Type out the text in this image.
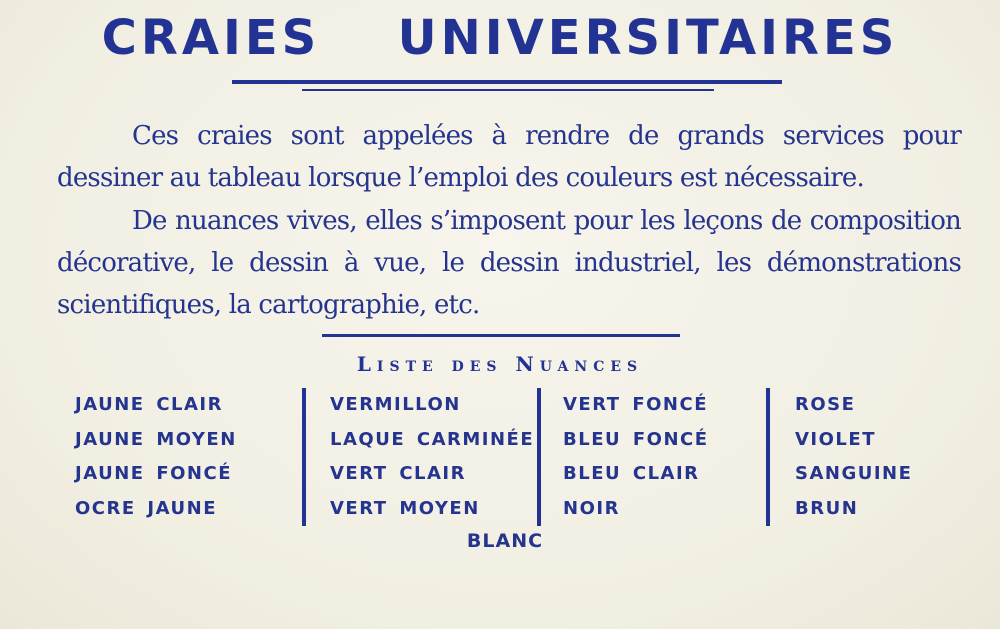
CRAIES  UNIVERSITAIRES

Ces craies sont appelées à rendre de grands services pour dessiner au tableau lorsque l’emploi des couleurs est nécessaire.

De nuances vives, elles s’imposent pour les leçons de composition décorative, le dessin à vue, le dessin industriel, les démonstrations scientifiques, la cartographie, etc.

Liste des Nuances
JAUNE CLAIR
JAUNE MOYEN
JAUNE FONCÉ
OCRE JAUNE
VERMILLON
LAQUE CARMINÉE
VERT CLAIR
VERT MOYEN
VERT FONCÉ
BLEU FONCÉ
BLEU CLAIR
NOIR
ROSE
VIOLET
SANGUINE
BRUN

BLANC
